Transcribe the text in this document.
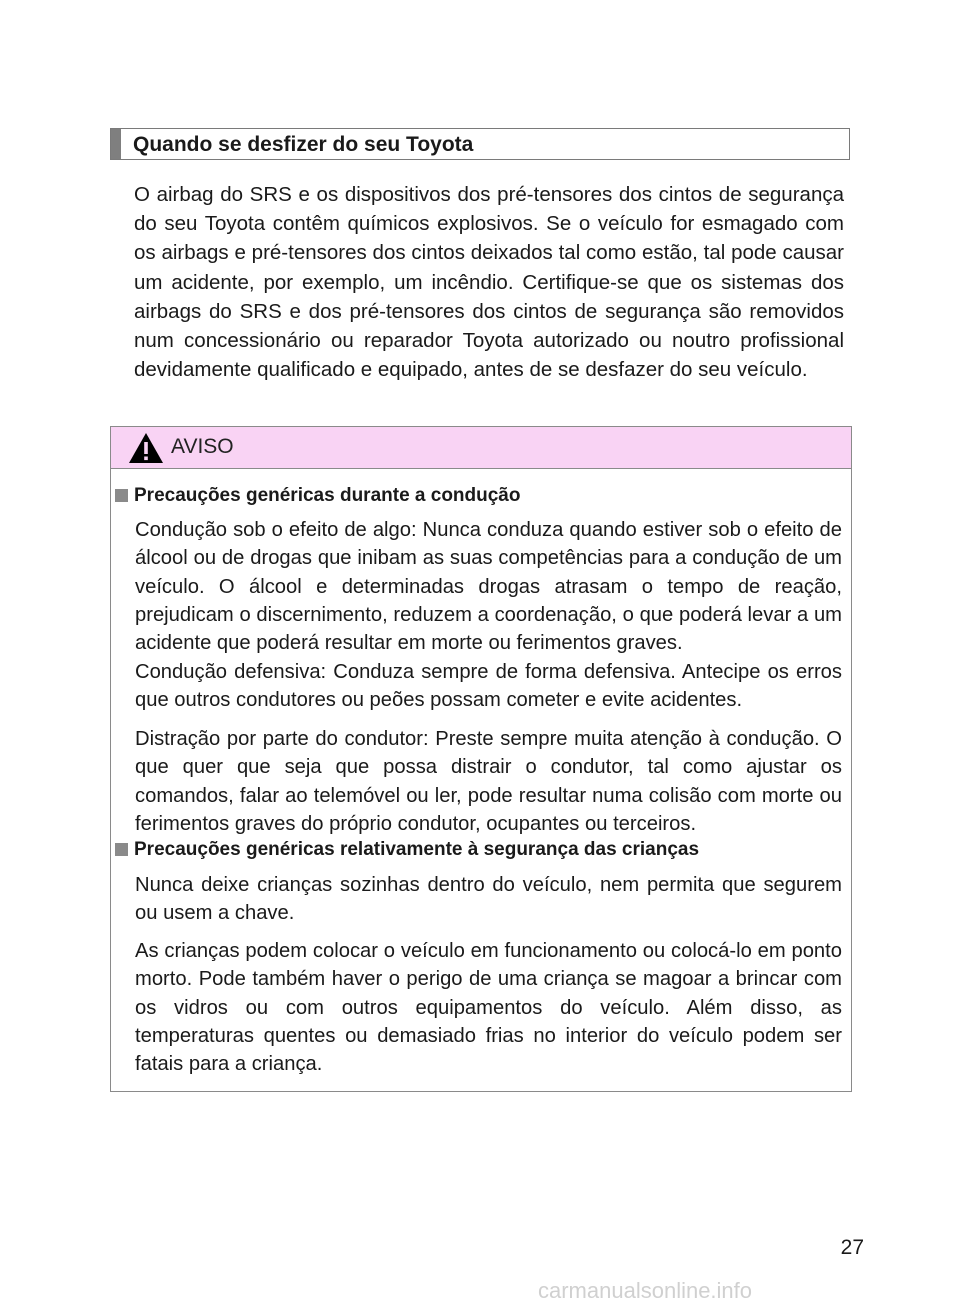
Quando se desfizer do seu Toyota

O airbag do SRS e os dispositivos dos pré-tensores dos cintos de segurança do seu Toyota contêm químicos explosivos. Se o veículo for esmagado com os airbags e pré-tensores dos cintos deixados tal como estão, tal pode causar um acidente, por exemplo, um incêndio. Certifique-se que os sistemas dos airbags do SRS e dos pré-tensores dos cintos de segurança são removidos num concessionário ou reparador Toyota autorizado ou noutro profissional devidamente qualificado e equipado, antes de se desfazer do seu veículo.

AVISO
Precauções genéricas durante a condução

Condução sob o efeito de algo: Nunca conduza quando estiver sob o efeito de álcool ou de drogas que inibam as suas competências para a condução de um veículo. O álcool e determinadas drogas atrasam o tempo de reação, prejudicam o discernimento, reduzem a coordenação, o que poderá levar a um acidente que poderá resultar em morte ou ferimentos graves.

Condução defensiva: Conduza sempre de forma defensiva. Antecipe os erros que outros condutores ou peões possam cometer e evite acidentes.

Distração por parte do condutor: Preste sempre muita atenção à condução. O que quer que seja que possa distrair o condutor, tal como ajustar os comandos, falar ao telemóvel ou ler, pode resultar numa colisão com morte ou ferimentos graves do próprio condutor, ocupantes ou terceiros.

Precauções genéricas relativamente à segurança das crianças

Nunca deixe crianças sozinhas dentro do veículo, nem permita que segurem ou usem a chave.

As crianças podem colocar o veículo em funcionamento ou colocá-lo em ponto morto. Pode também haver o perigo de uma criança se magoar a brincar com os vidros ou com outros equipamentos do veículo. Além disso, as temperaturas quentes ou demasiado frias no interior do veículo podem ser fatais para a criança.

27
carmanualsonline.info
